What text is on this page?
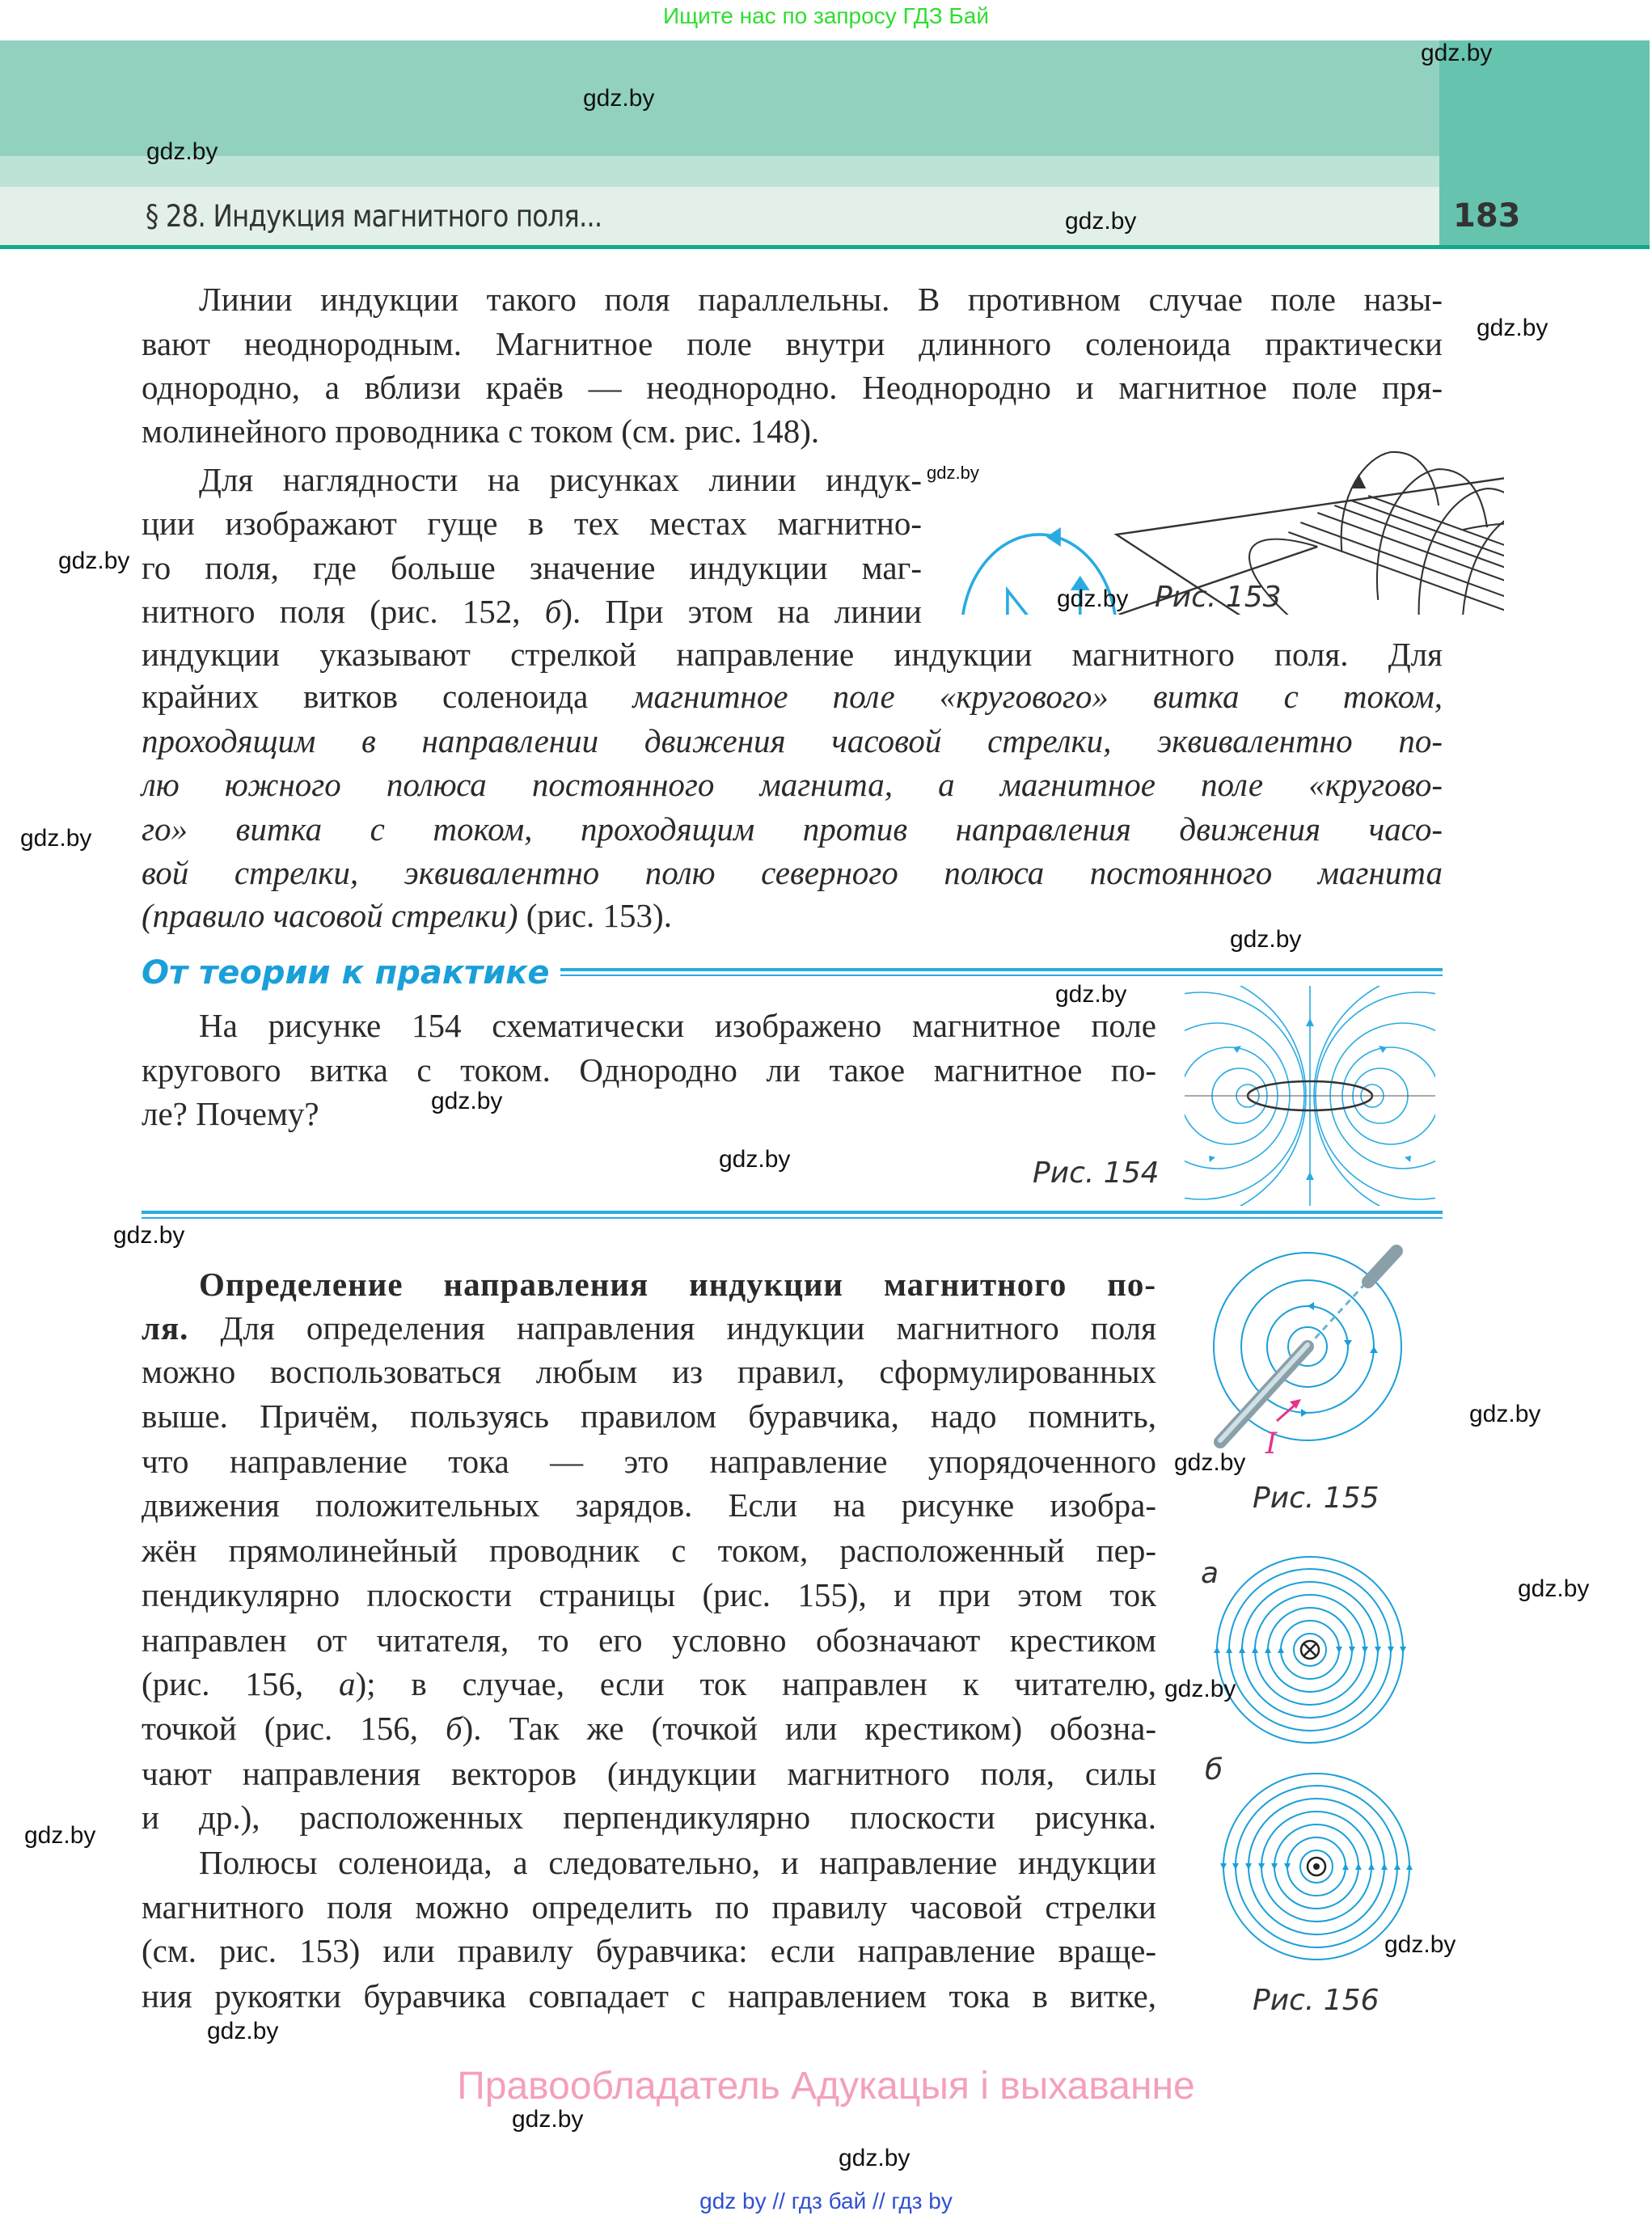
Ищите нас по запросу ГДЗ Бай
§ 28. Индукция магнитного поля...	183
Линии индукции такого поля параллельны. В противном случае поле назы-
вают неоднородным. Магнитное поле внутри длинного соленоида практически
однородно, а вблизи краёв — неоднородно. Неоднородно и магнитное поле пря-
молинейного проводника с током (см. рис. 148).
Для наглядности на рисунках линии индук-
ции изображают гуще в тех местах магнитно-
го поля, где больше значение индукции маг-
нитного поля (рис. 152, б). При этом на линии
индукции указывают стрелкой направление индукции магнитного поля. Для
крайних витков соленоида магнитное поле «кругового» витка с током,
проходящим в направлении движения часовой стрелки, эквивалентно по-
лю южного полюса постоянного магнита, а магнитное поле «кругово-
го» витка с током, проходящим против направления движения часо-
вой стрелки, эквивалентно полю северного полюса постоянного магнита
(правило часовой стрелки) (рис. 153).
На рисунке 154 схематически изображено магнитное поле
кругового витка с током. Однородно ли такое магнитное по-
ле? Почему?
Определение направления индукции магнитного по-
ля. Для определения направления индукции магнитного поля
можно воспользоваться любым из правил, сформулированных
выше. Причём, пользуясь правилом буравчика, надо помнить,
что направление тока — это направление упорядоченного
движения положительных зарядов. Если на рисунке изобра-
жён прямолинейный проводник с током, расположенный пер-
пендикулярно плоскости страницы (рис. 155), и при этом ток
направлен от читателя, то его условно обозначают крестиком
(рис. 156, а); в случае, если ток направлен к читателю,
точкой (рис. 156, б). Так же (точкой или крестиком) обозна-
чают направления векторов (индукции магнитного поля, силы
и др.), расположенных перпендикулярно плоскости рисунка.
Полюсы соленоида, а следовательно, и направление индукции
магнитного поля можно определить по правилу часовой стрелки
(см. рис. 153) или правилу буравчика: если направление враще-
ния рукоятки буравчика совпадает с направлением тока в витке,
От теории к практике
Рис. 153
Рис. 154
I
Рис. 155
а
б
Рис. 156
gdz.by
gdz.by
gdz.by
gdz.by
gdz.by
gdz.by
gdz.by
gdz.by
gdz.by
gdz.by
gdz.by
gdz.by
gdz.by
gdz.by
gdz.by
gdz.by
gdz.by
gdz.by
gdz.by
gdz.by
gdz.by
gdz.by
gdz.by
Правообладатель Адукацыя і выхаванне
gdz by // гдз бай // гдз by
